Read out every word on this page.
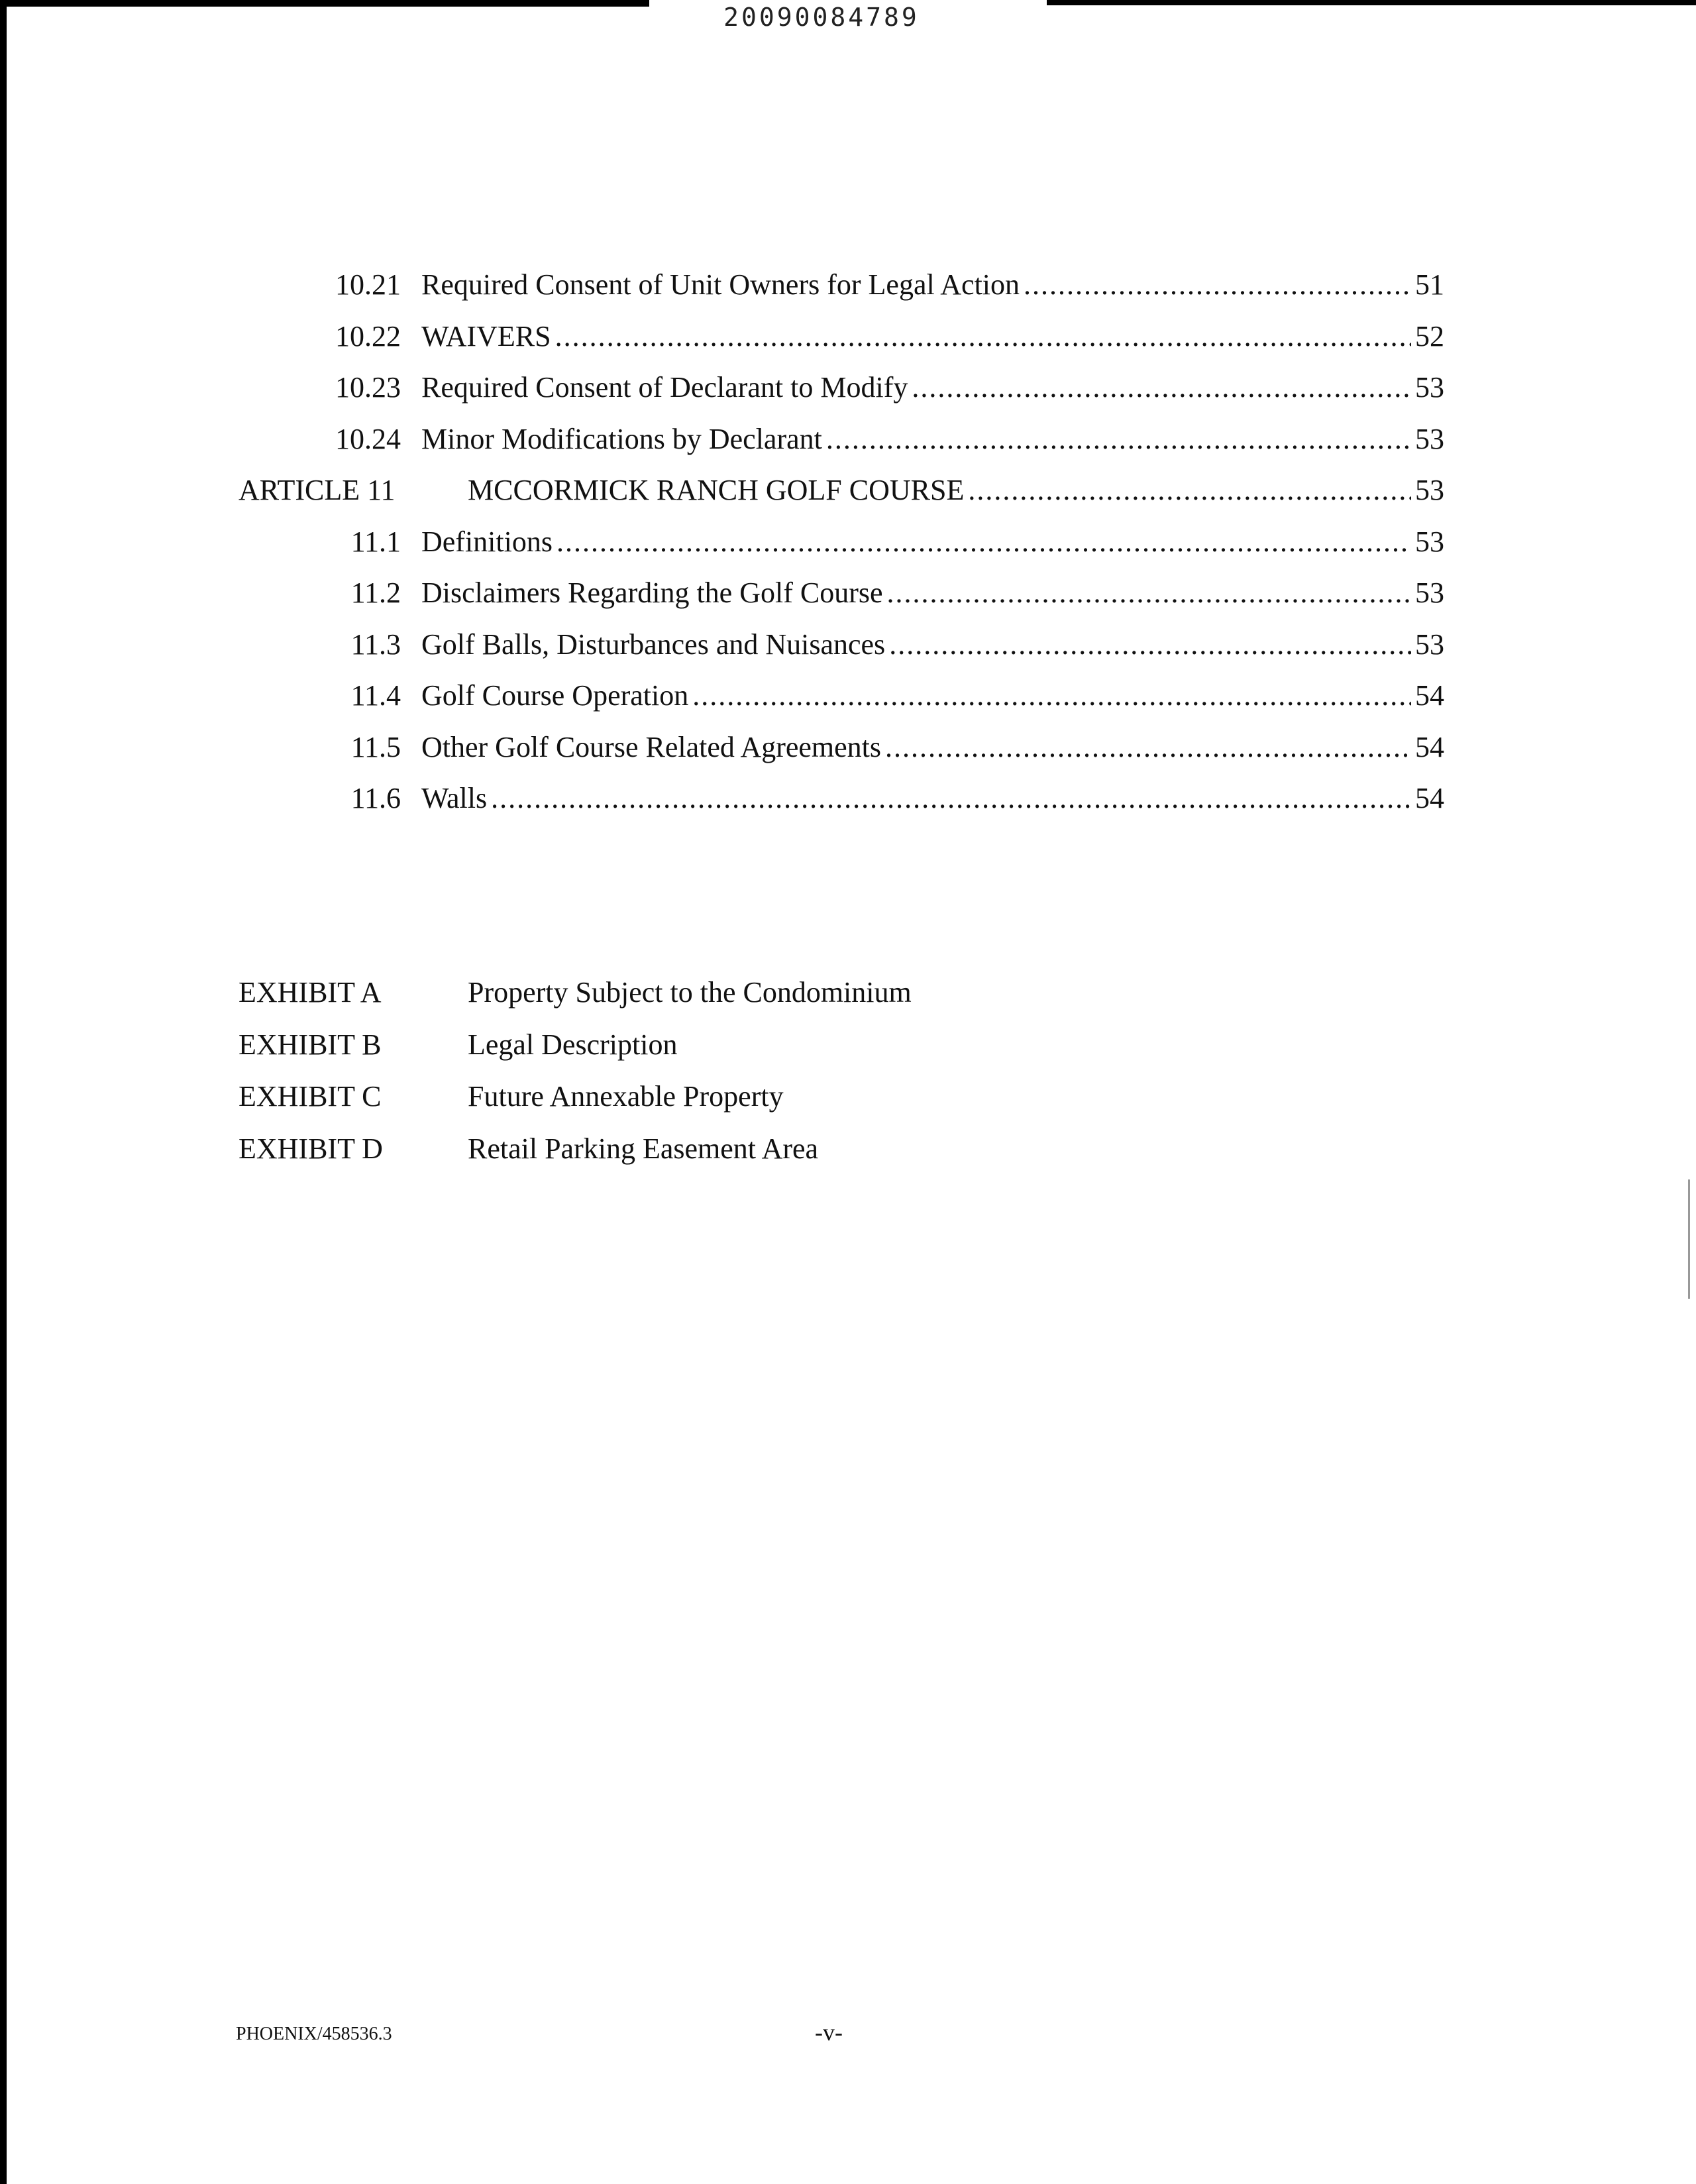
20090084789
10.21 Required Consent of Unit Owners for Legal Action .....	51
10.22 WAIVERS .....	52
10.23 Required Consent of Declarant to Modify .....	53
10.24 Minor Modifications by Declarant .....	53
ARTICLE 11	MCCORMICK RANCH GOLF COURSE .....	53
11.1 Definitions .....	53
11.2 Disclaimers Regarding the Golf Course .....	53
11.3 Golf Balls, Disturbances and Nuisances .....	53
11.4 Golf Course Operation .....	54
11.5 Other Golf Course Related Agreements .....	54
11.6 Walls .....	54
EXHIBIT A	Property Subject to the Condominium
EXHIBIT B	Legal Description
EXHIBIT C	Future Annexable Property
EXHIBIT D	Retail Parking Easement Area
PHOENIX/458536.3	-v-
